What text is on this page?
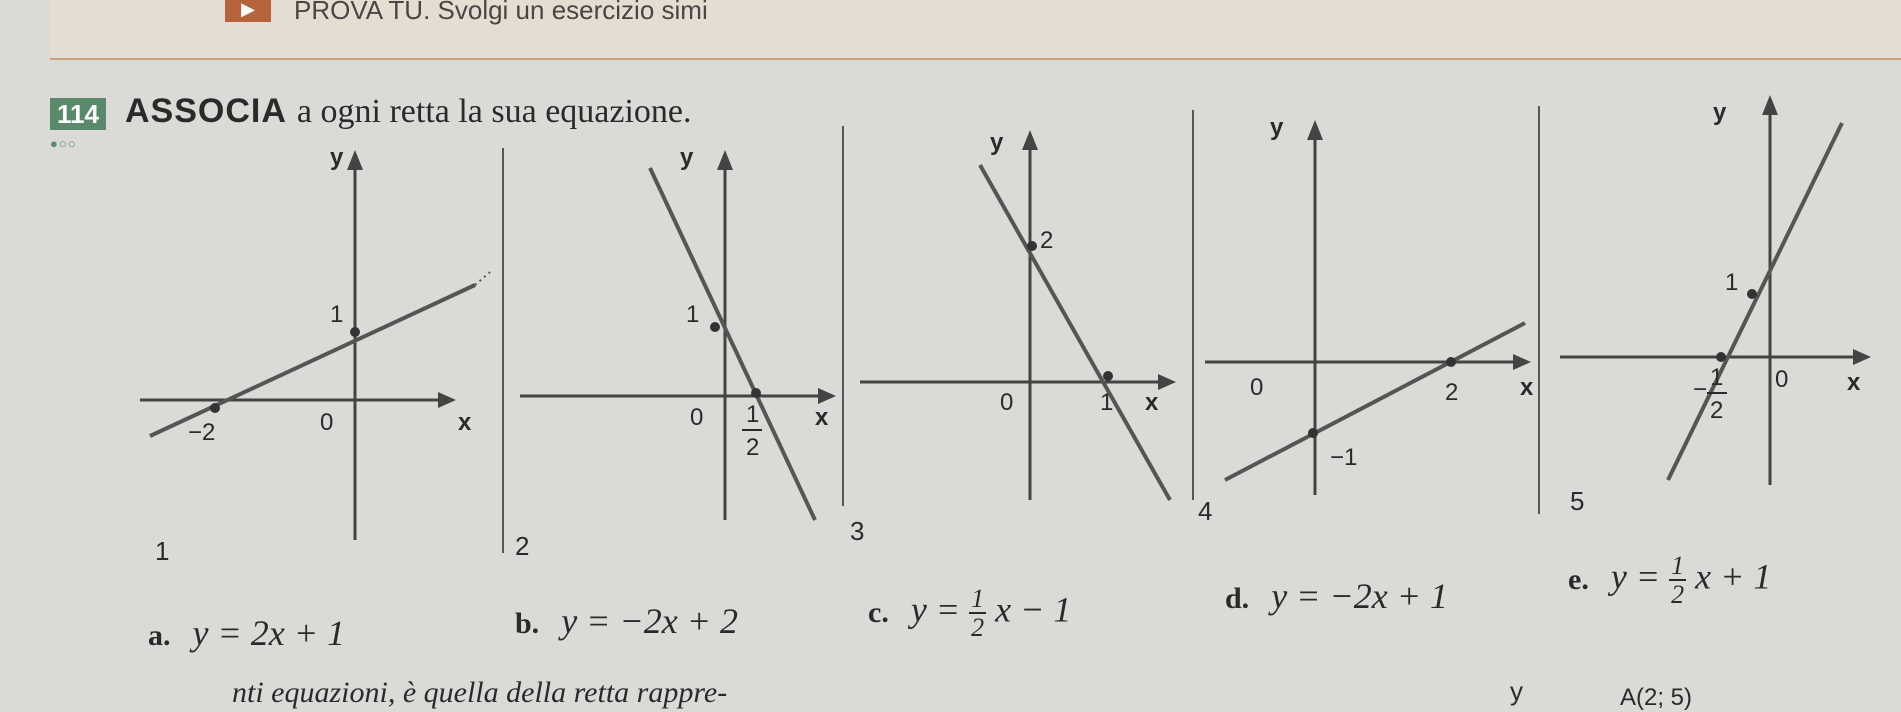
▶	PROVA TU. Svolgi un esercizio simi
114
●○○
ASSOCIA a ogni retta la sua equazione.
y
x
1
−2	0
1
y
x
1
0 1
2
2
y
x
2
0	1
3
y
x
2
0
−1
4
y
x
1
0
− 1
2
5
a. y = 2x + 1	b. y = −2x + 2	c. $y = \frac{1}{2}$ x − 1	d. y = −2x + 1	e. $y = \frac{1}{2}$ x + 1
nti equazioni, è quella della retta rappre-	y	A(2; 5)
